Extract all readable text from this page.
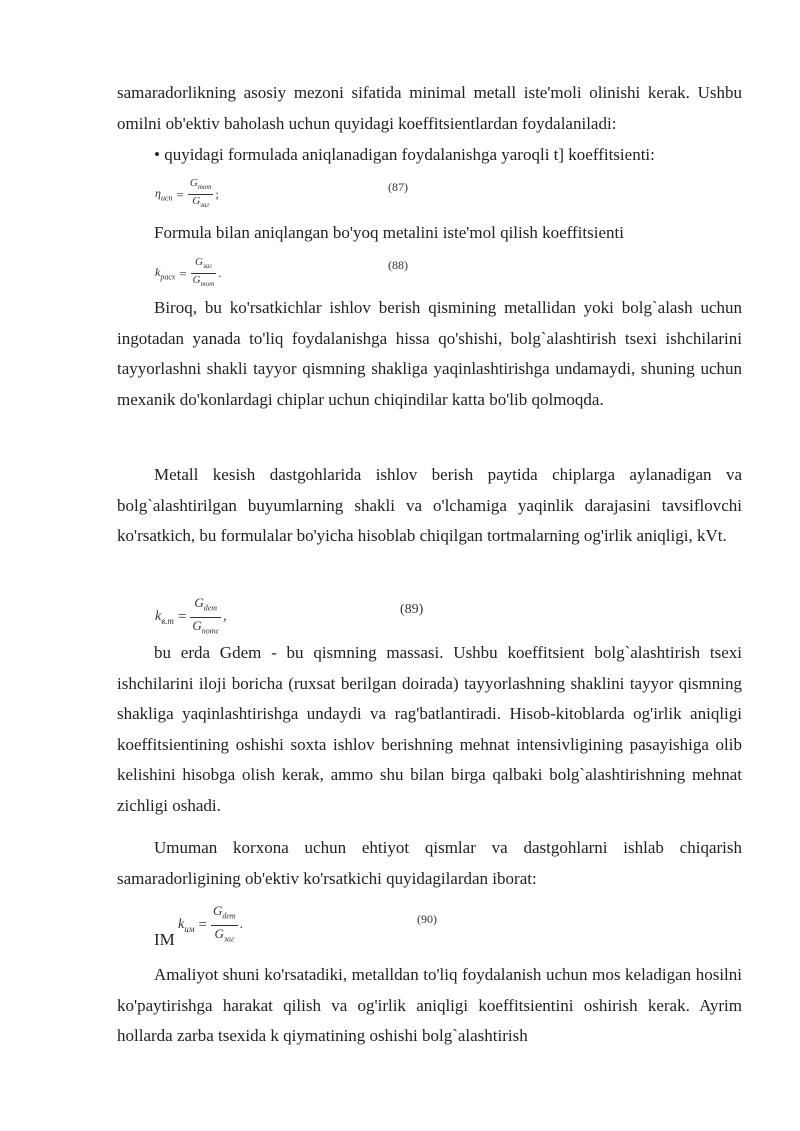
samaradorlikning asosiy mezoni sifatida minimal metall iste'moli olinishi kerak. Ushbu omilni ob'ektiv baholash uchun quyidagi koeffitsientlardan foydalaniladi:

• quyidagi formulada aniqlanadigan foydalanishga yaroqli t] koeffitsienti:

$\eta_{исп} = \frac{G_{тот}}{G_{заг}}$ ;
(87)

Formula bilan aniqlangan bo'yoq metalini iste'mol qilish koeffitsienti

$k_{расх} = \frac{G_{заг}}{G_{тот}}$ .
(88)

Biroq, bu ko'rsatkichlar ishlov berish qismining metallidan yoki bolg`alash uchun ingotadan yanada to'liq foydalanishga hissa qo'shishi, bolg`alashtirish tsexi ishchilarini tayyorlashni shakli tayyor qismning shakliga yaqinlashtirishga undamaydi, shuning uchun mexanik do'konlardagi chiplar uchun chiqindilar katta bo'lib qolmoqda.

Metall kesish dastgohlarida ishlov berish paytida chiplarga aylanadigan va bolg`alashtirilgan buyumlarning shakli va o'lchamiga yaqinlik darajasini tavsiflovchi ko'rsatkich, bu formulalar bo'yicha hisoblab chiqilgan tortmalarning og'irlik aniqligi, kVt.

$k_{в.т} = \frac{G_{dem}}{G_{потс}}$ ,	(89)

bu erda Gdem - bu qismning massasi. Ushbu koeffitsient bolg`alashtirish tsexi ishchilarini iloji boricha (ruxsat berilgan doirada) tayyorlashning shaklini tayyor qismning shakliga yaqinlashtirishga undaydi va rag'batlantiradi. Hisob-kitoblarda og'irlik aniqligi koeffitsientining oshishi soxta ishlov berishning mehnat intensivligining pasayishiga olib kelishini hisobga olish kerak, ammo shu bilan birga qalbaki bolg`alashtirishning mehnat zichligi oshadi.

Umuman korxona uchun ehtiyot qismlar va dastgohlarni ishlab chiqarish samaradorligining ob'ektiv ko'rsatkichi quyidagilardan iborat:

IM
$k_{им} = \frac{G_{dem}}{G_{заг}}$ .	(90)

Amaliyot shuni ko'rsatadiki, metalldan to'liq foydalanish uchun mos keladigan hosilni ko'paytirishga harakat qilish va og'irlik aniqligi koeffitsientini oshirish kerak. Ayrim hollarda zarba tsexida k qiymatining oshishi bolg`alashtirish
